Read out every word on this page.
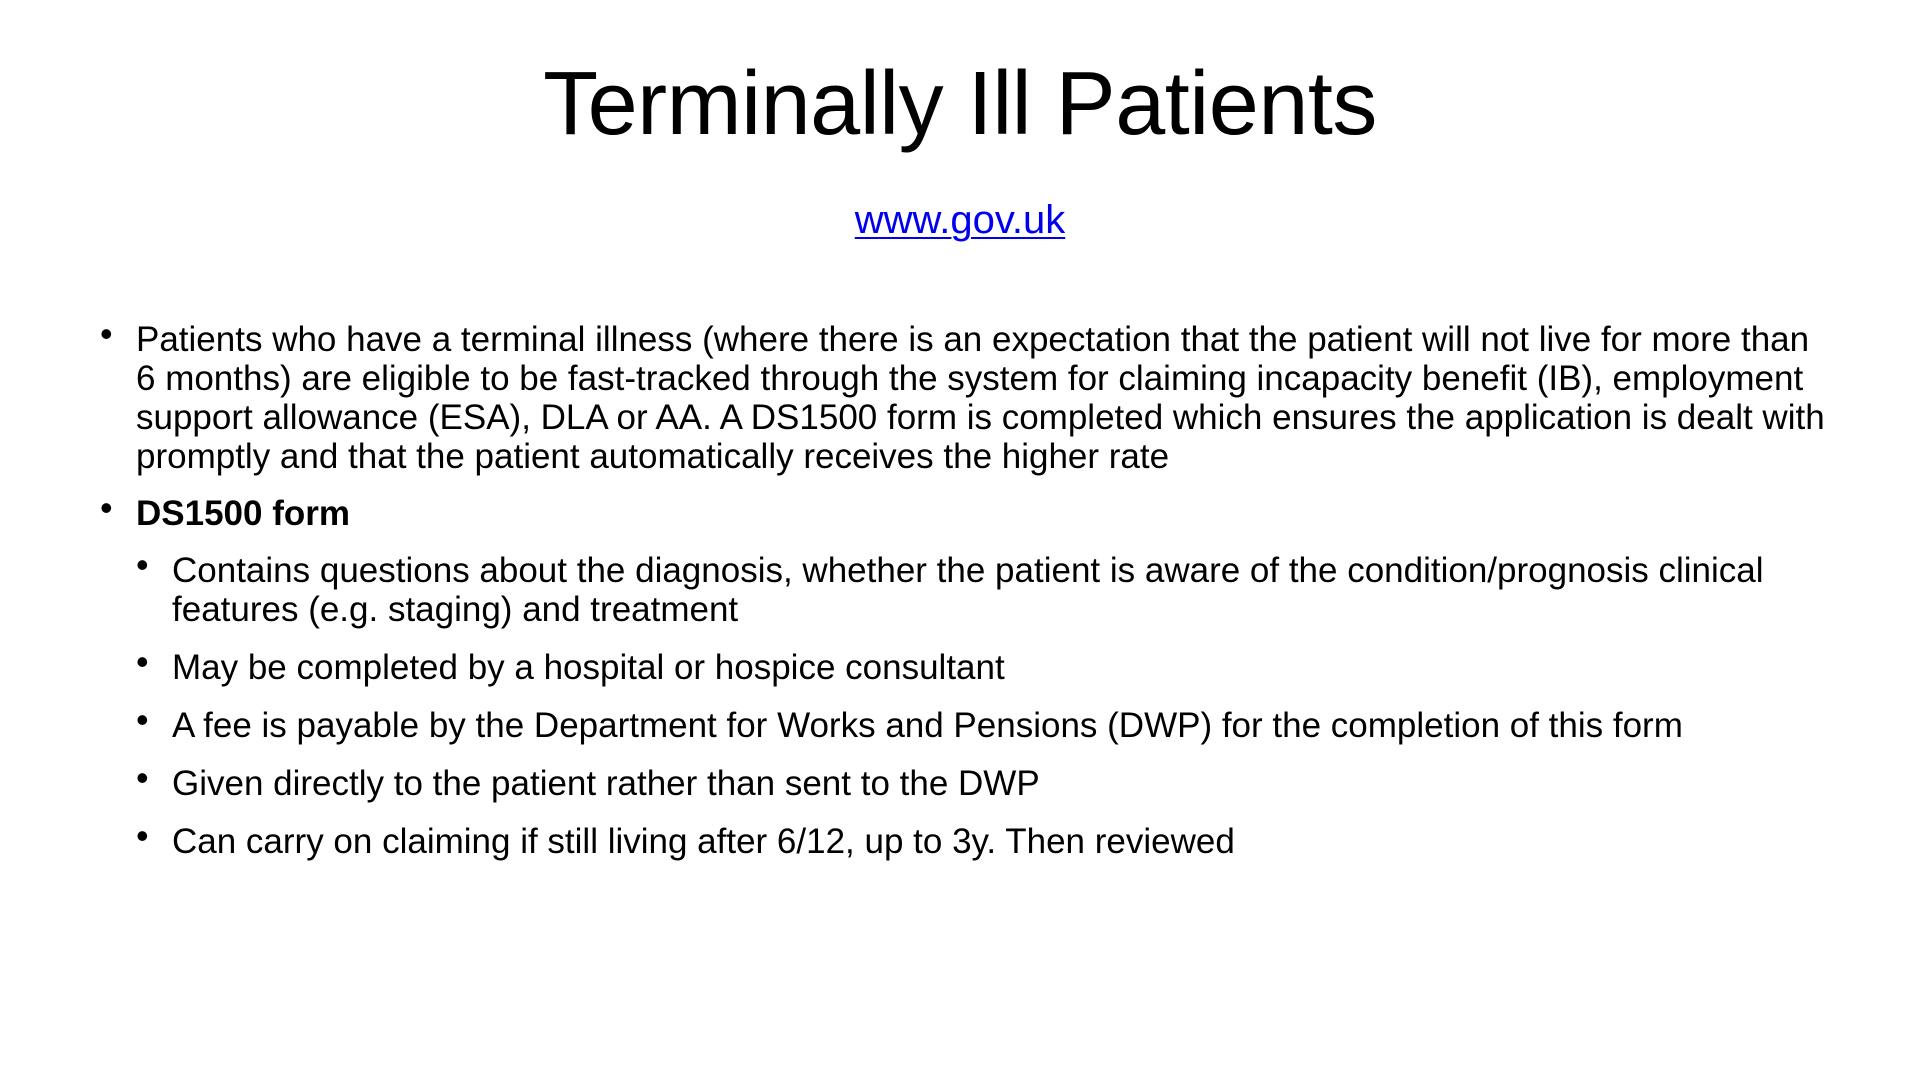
Terminally Ill Patients
www.gov.uk
• Patients who have a terminal illness (where there is an expectation that the patient will not live for more than 6 months) are eligible to be fast-tracked through the system for claiming incapacity benefit (IB), employment support allowance (ESA), DLA or AA. A DS1500 form is completed which ensures the application is dealt with promptly and that the patient automatically receives the higher rate
• DS1500 form
• Contains questions about the diagnosis, whether the patient is aware of the condition/prognosis clinical features (e.g. staging) and treatment
• May be completed by a hospital or hospice consultant
• A fee is payable by the Department for Works and Pensions (DWP) for the completion of this form
• Given directly to the patient rather than sent to the DWP
• Can carry on claiming if still living after 6/12, up to 3y. Then reviewed
